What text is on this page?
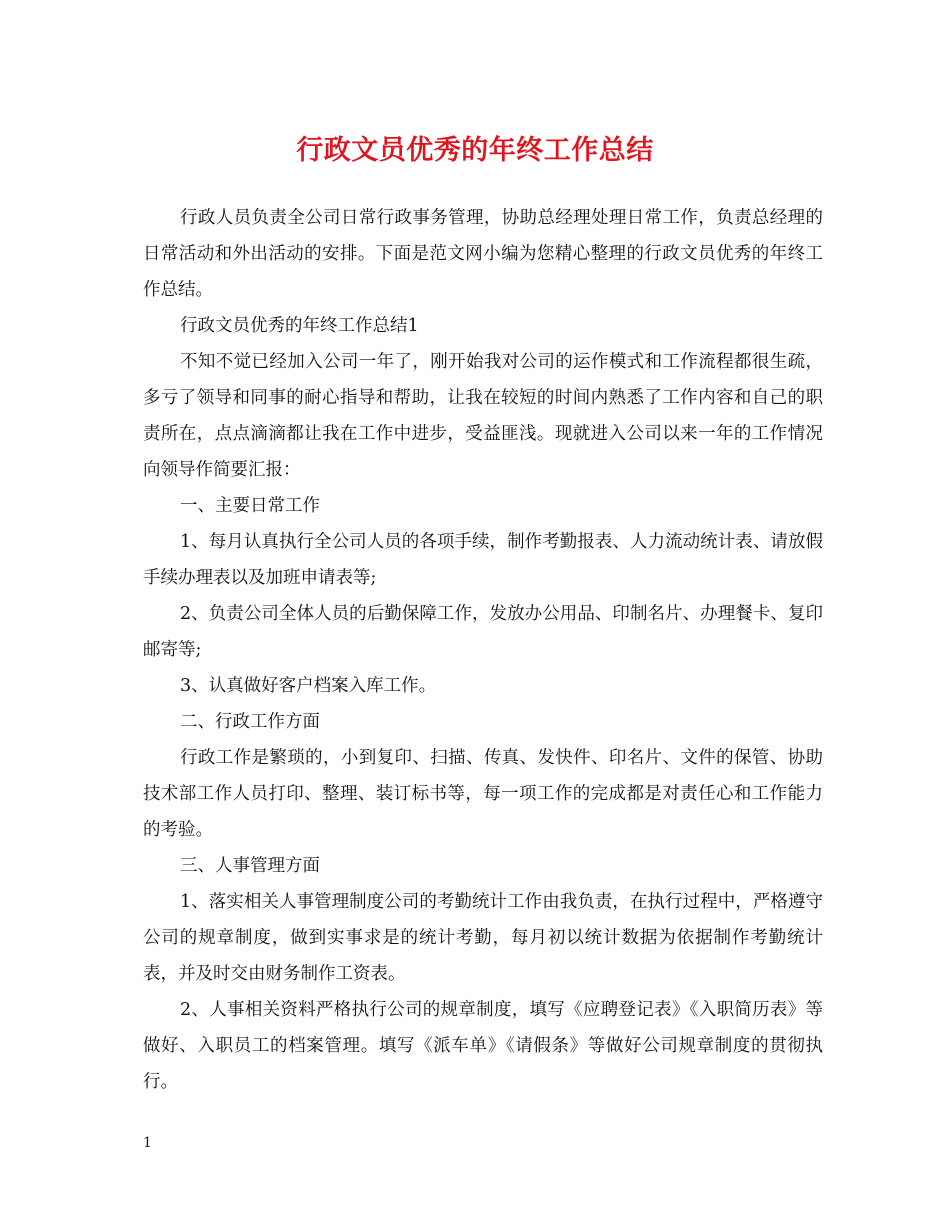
行政文员优秀的年终工作总结

行政人员负责全公司日常行政事务管理，协助总经理处理日常工作，负责总经理的日常活动和外出活动的安排。下面是范文网小编为您精心整理的行政文员优秀的年终工作总结。

行政文员优秀的年终工作总结1

不知不觉已经加入公司一年了，刚开始我对公司的运作模式和工作流程都很生疏，多亏了领导和同事的耐心指导和帮助，让我在较短的时间内熟悉了工作内容和自己的职责所在，点点滴滴都让我在工作中进步，受益匪浅。现就进入公司以来一年的工作情况向领导作简要汇报：

一、主要日常工作

1、每月认真执行全公司人员的各项手续，制作考勤报表、人力流动统计表、请放假手续办理表以及加班申请表等;

2、负责公司全体人员的后勤保障工作，发放办公用品、印制名片、办理餐卡、复印邮寄等;

3、认真做好客户档案入库工作。

二、行政工作方面

行政工作是繁琐的，小到复印、扫描、传真、发快件、印名片、文件的保管、协助技术部工作人员打印、整理、装订标书等，每一项工作的完成都是对责任心和工作能力的考验。

三、人事管理方面

1、落实相关人事管理制度公司的考勤统计工作由我负责，在执行过程中，严格遵守公司的规章制度，做到实事求是的统计考勤，每月初以统计数据为依据制作考勤统计表，并及时交由财务制作工资表。

2、人事相关资料严格执行公司的规章制度，填写《应聘登记表》《入职简历表》等做好、入职员工的档案管理。填写《派车单》《请假条》等做好公司规章制度的贯彻执行。

1
